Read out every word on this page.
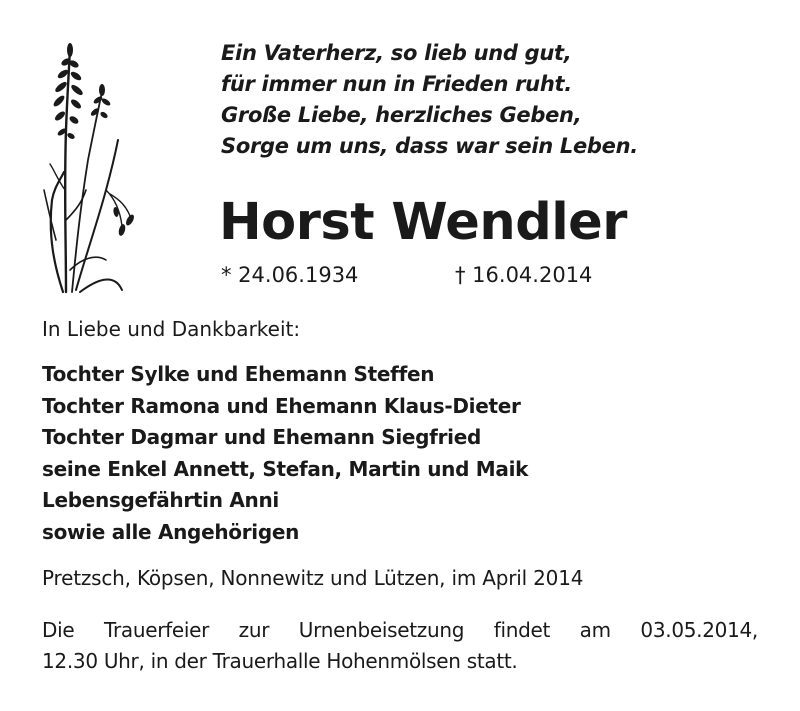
Ein Vaterherz, so lieb und gut,
für immer nun in Frieden ruht.
Große Liebe, herzliches Geben,
Sorge um uns, dass war sein Leben.
Horst Wendler
* 24.06.1934	† 16.04.2014
In Liebe und Dankbarkeit:
Tochter Sylke und Ehemann Steffen
Tochter Ramona und Ehemann Klaus-Dieter
Tochter Dagmar und Ehemann Siegfried
seine Enkel Annett, Stefan, Martin und Maik
Lebensgefährtin Anni
sowie alle Angehörigen
Pretzsch, Köpsen, Nonnewitz und Lützen, im April 2014
Die Trauerfeier zur Urnenbeisetzung findet am 03.05.2014,
12.30 Uhr, in der Trauerhalle Hohenmölsen statt.
